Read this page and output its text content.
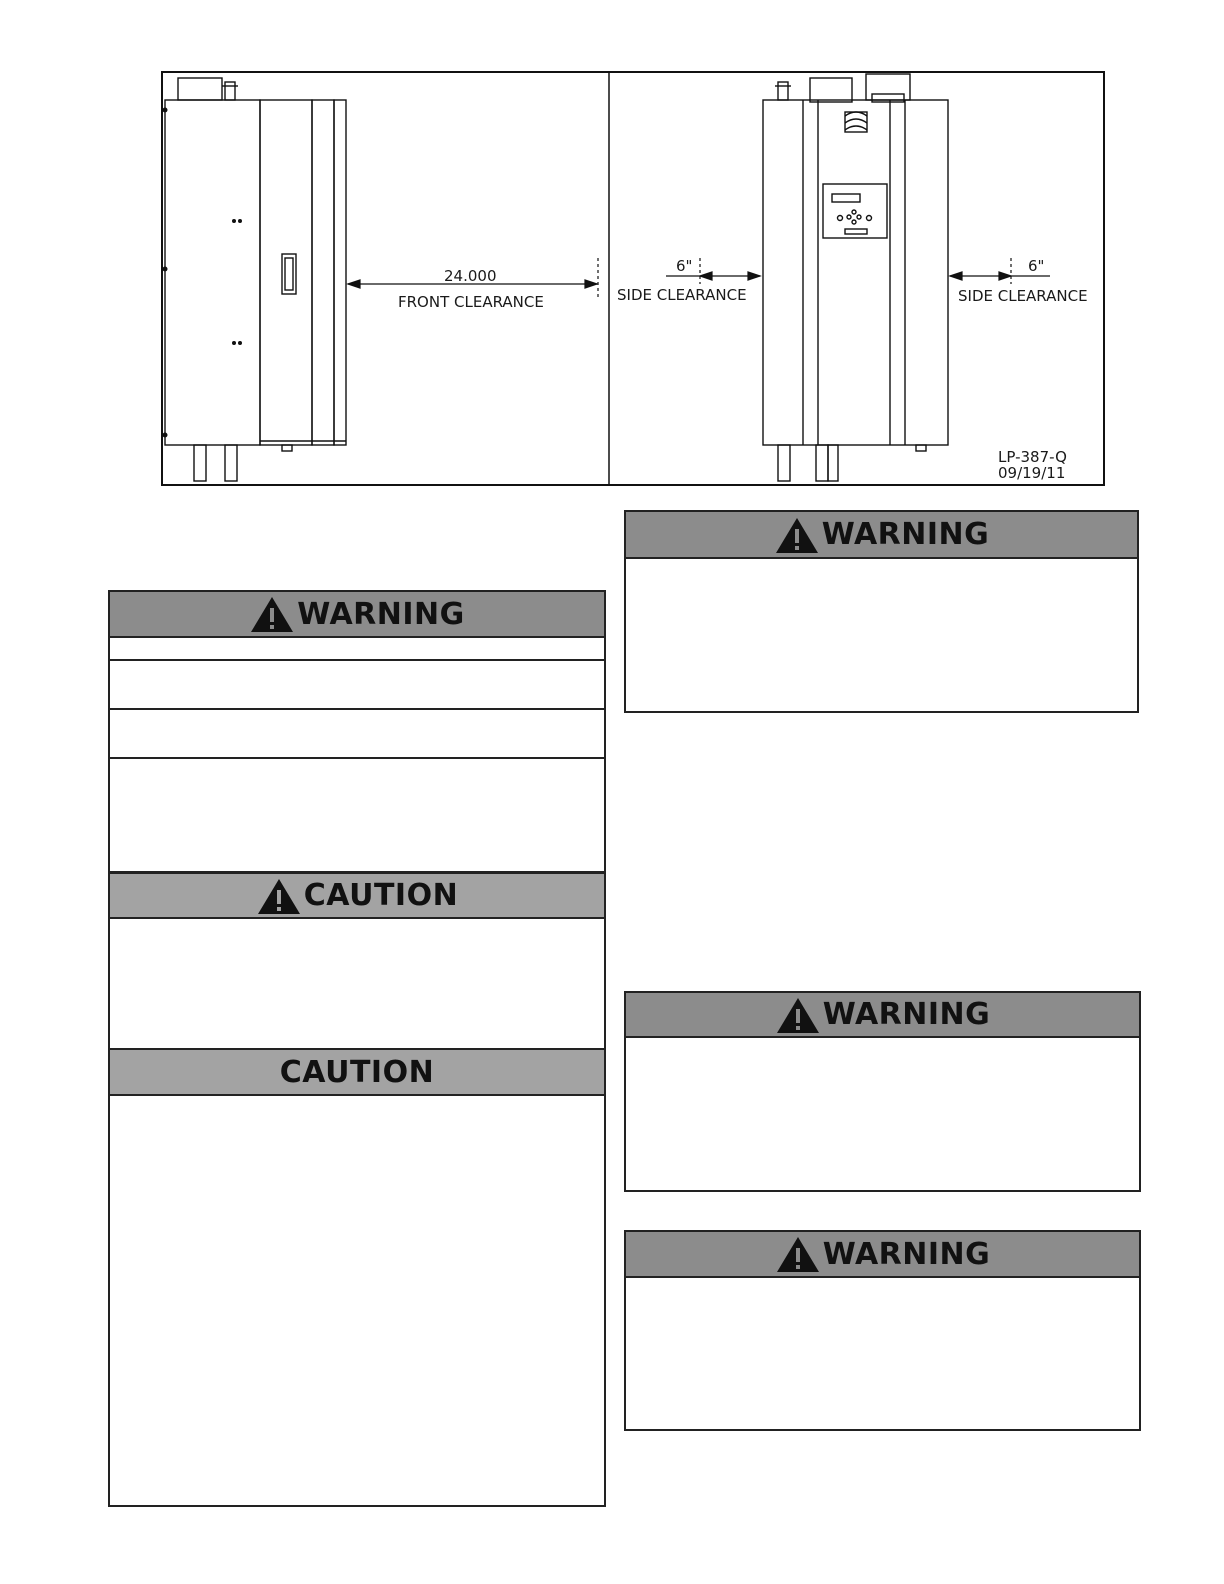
24.000
FRONT CLEARANCE
6"
SIDE CLEARANCE
6"
SIDE CLEARANCE
LP-387-Q
09/19/11
WARNING
CAUTION
CAUTION
WARNING
WARNING
WARNING
